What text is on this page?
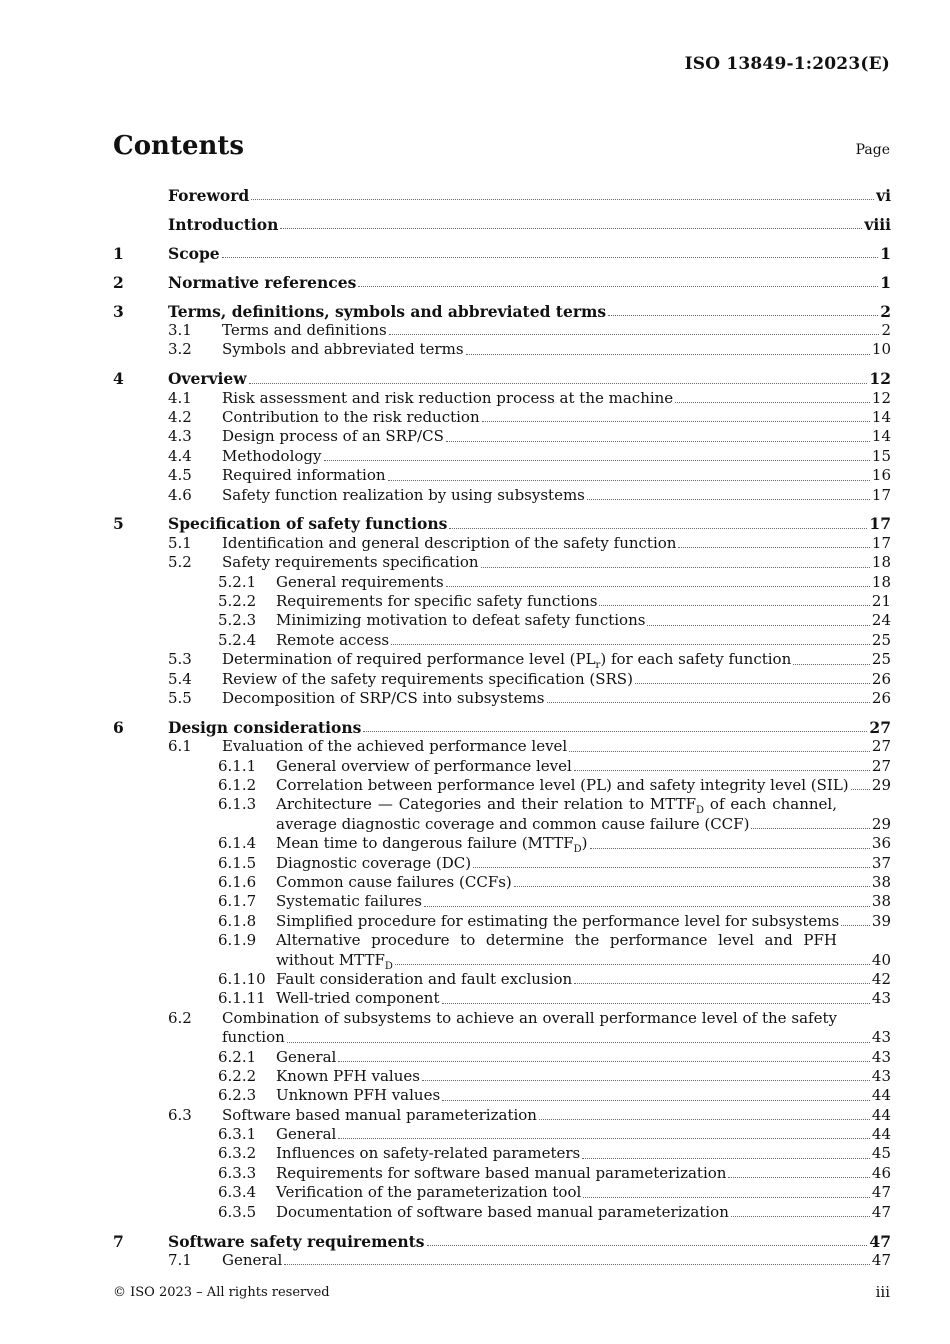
ISO 13849-1:2023(E)
Contents	Page
Foreword	vi
Introduction	viii
1	Scope	1
2	Normative references	1
3	Terms, definitions, symbols and abbreviated terms	2
3.1 Terms and definitions	2
3.2 Symbols and abbreviated terms	10
4	Overview	12
4.1 Risk assessment and risk reduction process at the machine	12
4.2 Contribution to the risk reduction	14
4.3 Design process of an SRP/CS	14
4.4 Methodology	15
4.5 Required information	16
4.6 Safety function realization by using subsystems	17
5	Specification of safety functions	17
5.1 Identification and general description of the safety function	17
5.2 Safety requirements specification	18
5.2.1 General requirements	18
5.2.2 Requirements for specific safety functions	21
5.2.3 Minimizing motivation to defeat safety functions	24
5.2.4 Remote access	25
5.3 Determination of required performance level $(PL_r)$ for each safety function	25
5.4 Review of the safety requirements specification (SRS)	26
5.5 Decomposition of SRP/CS into subsystems	26
6	Design considerations	27
6.1 Evaluation of the achieved performance level	27
6.1.1 General overview of performance level	27
6.1.2 Correlation between performance level (PL) and safety integrity level (SIL) 29
6.1.3 Architecture — Categories and their relation to $MTTF_D$ of each channel,
average diagnostic coverage and common cause failure (CCF)	29
6.1.4 Mean time to dangerous failure $(MTTF_D)$	36
6.1.5 Diagnostic coverage (DC)	37
6.1.6 Common cause failures (CCFs)	38
6.1.7 Systematic failures	38
6.1.8 Simplified procedure for estimating the performance level for subsystems 39
6.1.9 Alternative procedure to determine the performance level and PFH
without $MTTF_D$	40
6.1.10 Fault consideration and fault exclusion	42
6.1.11 Well-tried component	43
6.2 Combination of subsystems to achieve an overall performance level of the safety
function	43
6.2.1 General	43
6.2.2 Known PFH values	43
6.2.3 Unknown PFH values	44
6.3 Software based manual parameterization	44
6.3.1 General	44
6.3.2 Influences on safety-related parameters	45
6.3.3 Requirements for software based manual parameterization	46
6.3.4 Verification of the parameterization tool	47
6.3.5 Documentation of software based manual parameterization	47
7	Software safety requirements	47
7.1 General	47
© ISO 2023 – All rights reserved	iii
